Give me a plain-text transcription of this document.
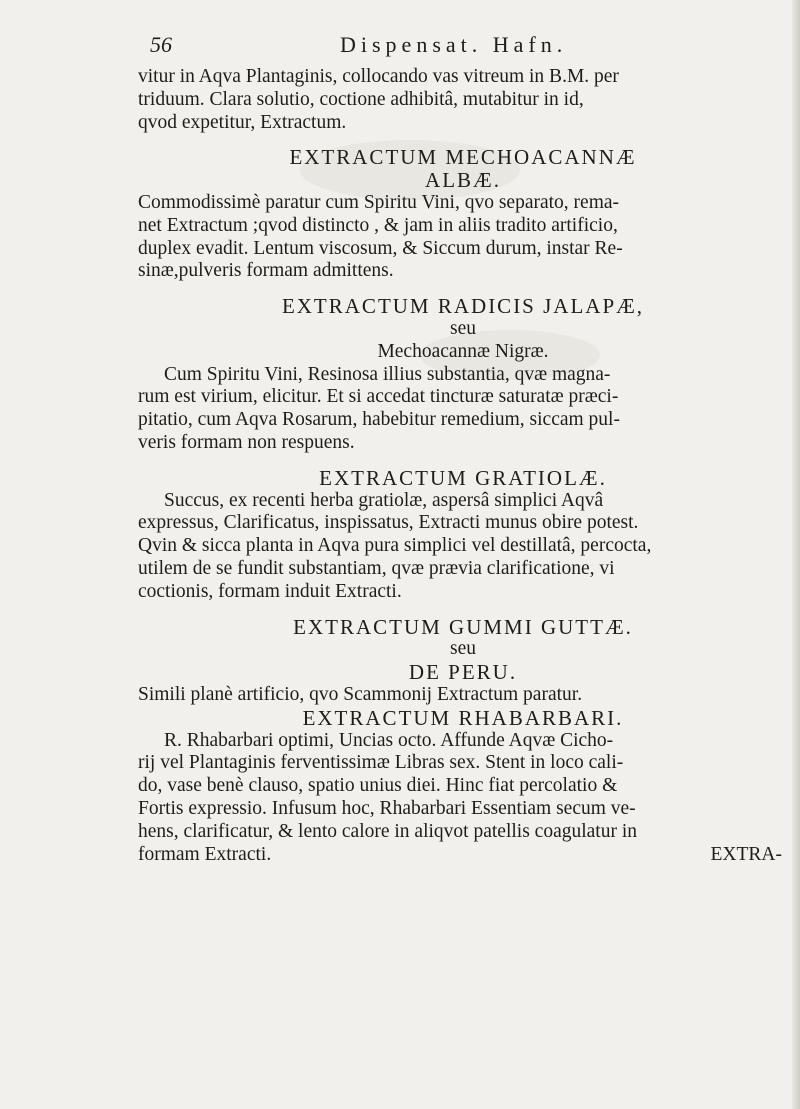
56	Dispensat. Hafn.
vitur in Aqva Plantaginis, collocando vas vitreum in B.M. per
triduum. Clara solutio, coctione adhibitâ, mutabitur in id,
qvod expetitur, Extractum.
EXTRACTUM MECHOACANNÆ
ALBÆ.
Commodissimè paratur cum Spiritu Vini, qvo separato, rema-
net Extractum ;qvod distincto , & jam in aliis tradito artificio,
duplex evadit. Lentum viscosum, & Siccum durum, instar Re-
sinæ,pulveris formam admittens.
EXTRACTUM RADICIS JALAPÆ,
seu
Mechoacannæ Nigræ.
Cum Spiritu Vini, Resinosa illius substantia, qvæ magna-
rum est virium, elicitur. Et si accedat tincturæ saturatæ præci-
pitatio, cum Aqva Rosarum, habebitur remedium, siccam pul-
veris formam non respuens.
EXTRACTUM GRATIOLÆ.
Succus, ex recenti herba gratiolæ, aspersâ simplici Aqvâ
expressus, Clarificatus, inspissatus, Extracti munus obire potest.
Qvin & sicca planta in Aqva pura simplici vel destillatâ, percocta,
utilem de se fundit substantiam, qvæ prævia clarificatione, vi
coctionis, formam induit Extracti.
EXTRACTUM GUMMI GUTTÆ.
seu
DE PERU.
Simili planè artificio, qvo Scammonij Extractum paratur.
EXTRACTUM RHABARBARI.
R. Rhabarbari optimi, Uncias octo. Affunde Aqvæ Cicho-
rij vel Plantaginis ferventissimæ Libras sex. Stent in loco cali-
do, vase benè clauso, spatio unius diei. Hinc fiat percolatio &
Fortis expressio. Infusum hoc, Rhabarbari Essentiam secum ve-
hens, clarificatur, & lento calore in aliqvot patellis coagulatur in
formam Extracti.	EXTRA-
